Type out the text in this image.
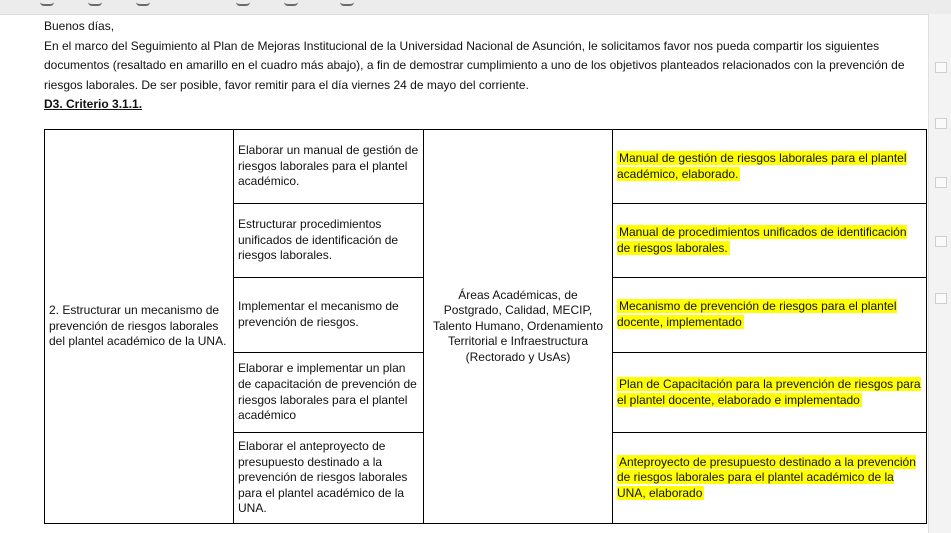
Buenos días,

En el marco del Seguimiento al Plan de Mejoras Institucional de la Universidad Nacional de Asunción, le solicitamos favor nos pueda compartir los siguientes documentos (resaltado en amarillo en el cuadro más abajo), a fin de demostrar cumplimiento a uno de los objetivos planteados relacionados con la prevención de riesgos laborales. De ser posible, favor remitir para el día viernes 24 de mayo del corriente.

D3. Criterio 3.1.1.

2. Estructurar un mecanismo de prevención de riesgos laborales del plantel académico de la UNA.	Elaborar un manual de gestión de riesgos laborales para el plantel académico.	Áreas Académicas, de Postgrado, Calidad, MECIP, Talento Humano, Ordenamiento Territorial e Infraestructura (Rectorado y UsAs)	Manual de gestión de riesgos laborales para el plantel académico, elaborado.
	Estructurar procedimientos unificados de identificación de riesgos laborales.		Manual de procedimientos unificados de identificación de riesgos laborales.
	Implementar el mecanismo de prevención de riesgos.		Mecanismo de prevención de riesgos para el plantel docente, implementado
	Elaborar e implementar un plan de capacitación de prevención de riesgos laborales para el plantel académico		Plan de Capacitación para la prevención de riesgos para el plantel docente, elaborado e implementado
	Elaborar el anteproyecto de presupuesto destinado a la prevención de riesgos laborales para el plantel académico de la UNA.		Anteproyecto de presupuesto destinado a la prevención de riesgos laborales para el plantel académico de la UNA, elaborado
